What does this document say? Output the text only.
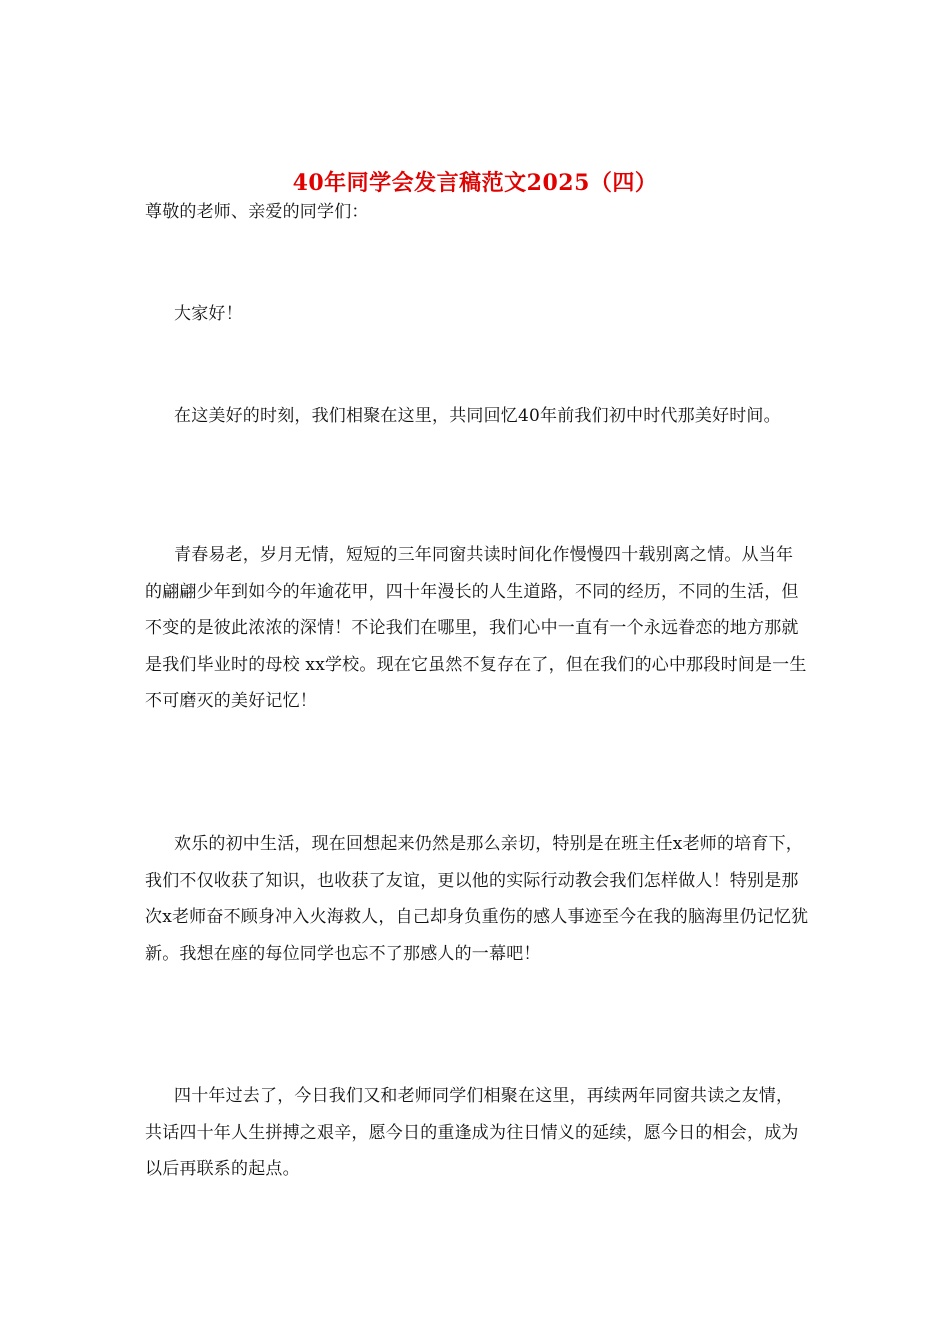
40年同学会发言稿范文2025（四）

尊敬的老师、亲爱的同学们：

大家好！

在这美好的时刻，我们相聚在这里，共同回忆40年前我们初中时代那美好时间。

青春易老，岁月无情，短短的三年同窗共读时间化作慢慢四十载别离之情。从当年的翩翩少年到如今的年逾花甲，四十年漫长的人生道路，不同的经历，不同的生活，但不变的是彼此浓浓的深情！不论我们在哪里，我们心中一直有一个永远眷恋的地方那就是我们毕业时的母校 xx学校。现在它虽然不复存在了，但在我们的心中那段时间是一生不可磨灭的美好记忆！

欢乐的初中生活，现在回想起来仍然是那么亲切，特别是在班主任x老师的培育下，我们不仅收获了知识，也收获了友谊，更以他的实际行动教会我们怎样做人！特别是那次x老师奋不顾身冲入火海救人，自己却身负重伤的感人事迹至今在我的脑海里仍记忆犹新。我想在座的每位同学也忘不了那感人的一幕吧！

四十年过去了，今日我们又和老师同学们相聚在这里，再续两年同窗共读之友情，共话四十年人生拼搏之艰辛，愿今日的重逢成为往日情义的延续，愿今日的相会，成为以后再联系的起点。
